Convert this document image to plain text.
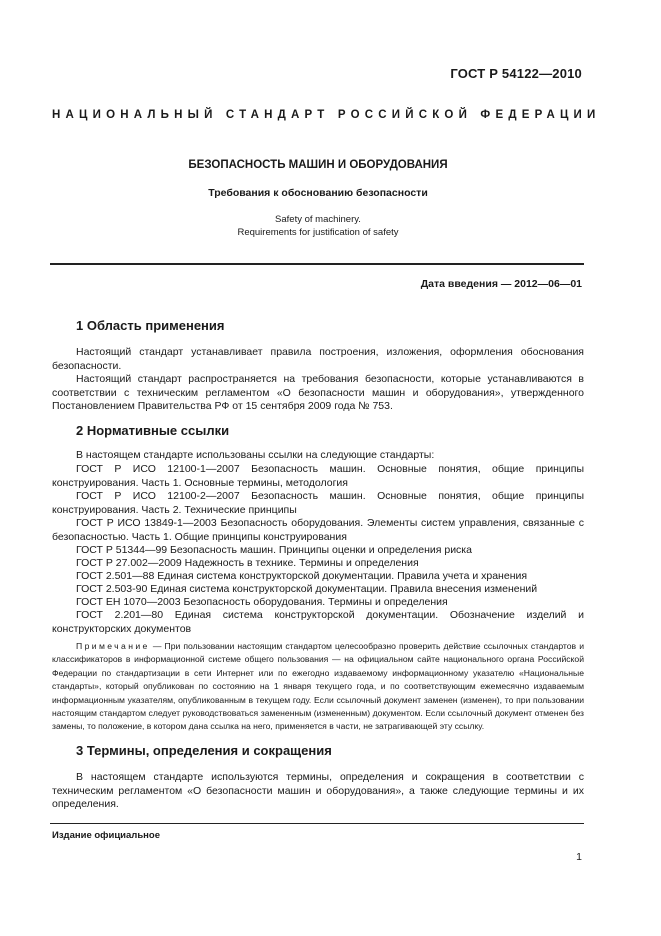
ГОСТ Р 54122—2010
НАЦИОНАЛЬНЫЙ СТАНДАРТ РОССИЙСКОЙ ФЕДЕРАЦИИ
БЕЗОПАСНОСТЬ МАШИН И ОБОРУДОВАНИЯ
Требования к обоснованию безопасности
Safety of machinery.
Requirements for justification of safety
Дата введения — 2012—06—01
1 Область применения

Настоящий стандарт устанавливает правила построения, изложения, оформления обоснования безопасности.

Настоящий стандарт распространяется на требования безопасности, которые устанавливаются в соответствии с техническим регламентом «О безопасности машин и оборудования», утвержденного Постановлением Правительства РФ от 15 сентября 2009 года № 753.

2 Нормативные ссылки

В настоящем стандарте использованы ссылки на следующие стандарты:

ГОСТ Р ИСО 12100-1—2007 Безопасность машин. Основные понятия, общие принципы конструирования. Часть 1. Основные термины, методология

ГОСТ Р ИСО 12100-2—2007 Безопасность машин. Основные понятия, общие принципы конструирования. Часть 2. Технические принципы

ГОСТ Р ИСО 13849-1—2003 Безопасность оборудования. Элементы систем управления, связанные с безопасностью. Часть 1. Общие принципы конструирования

ГОСТ Р 51344—99 Безопасность машин. Принципы оценки и определения риска

ГОСТ Р 27.002—2009 Надежность в технике. Термины и определения

ГОСТ 2.501—88 Единая система конструкторской документации. Правила учета и хранения

ГОСТ 2.503-90 Единая система конструкторской документации. Правила внесения изменений

ГОСТ ЕН 1070—2003 Безопасность оборудования. Термины и определения

ГОСТ 2.201—80 Единая система конструкторской документации. Обозначение изделий и конструкторских документов

Примечание — При пользовании настоящим стандартом целесообразно проверить действие ссылочных стандартов и классификаторов в информационной системе общего пользования — на официальном сайте национального органа Российской Федерации по стандартизации в сети Интернет или по ежегодно издаваемому информационному указателю «Национальные стандарты», который опубликован по состоянию на 1 января текущего года, и по соответствующим ежемесячно издаваемым информационным указателям, опубликованным в текущем году. Если ссылочный документ заменен (изменен), то при пользовании настоящим стандартом следует руководствоваться замененным (измененным) документом. Если ссылочный документ отменен без замены, то положение, в котором дана ссылка на него, применяется в части, не затрагивающей эту ссылку.
3 Термины, определения и сокращения

В настоящем стандарте используются термины, определения и сокращения в соответствии с техническим регламентом «О безопасности машин и оборудования», а также следующие термины и их определения.

Издание официальное
1
